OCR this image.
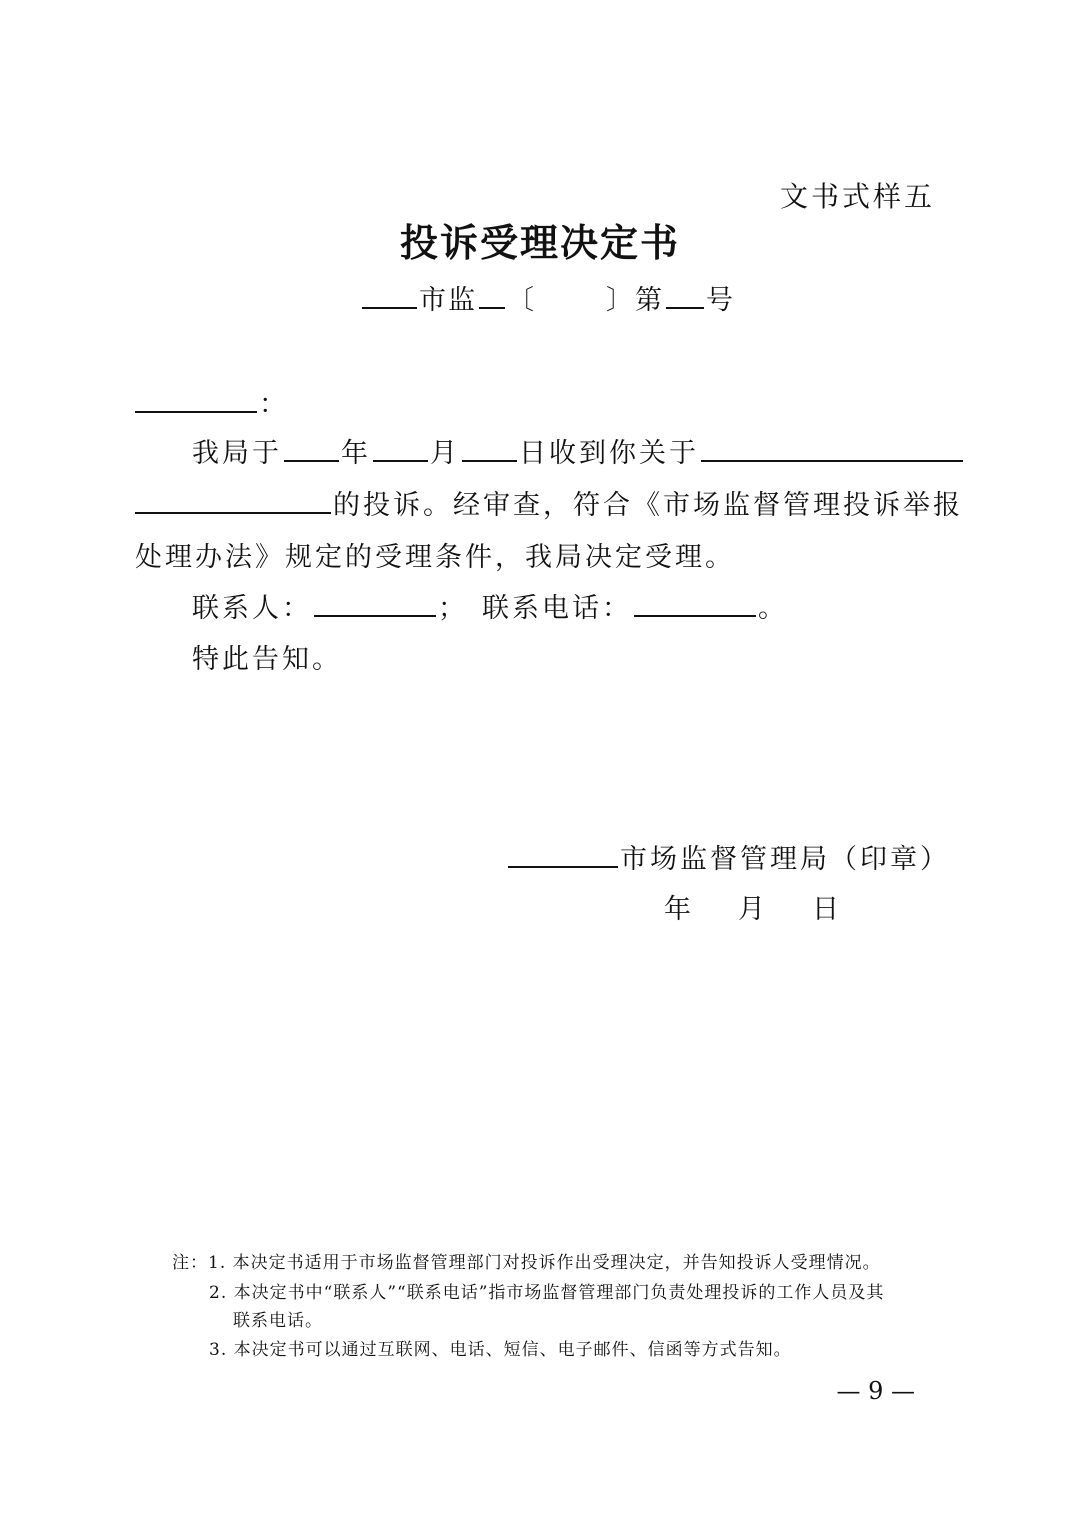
文书式样五
投诉受理决定书
市监 〔	〕第 号
：
我局于 年 月 日收到你关于
的投诉。经审查，符合《市场监督管理投诉举报
处理办法》规定的受理条件，我局决定受理。
联系人：	； 联系电话：	。
特此告知。
市场监督管理局（印章）
年 月 日
注：1. 本决定书适用于市场监督管理部门对投诉作出受理决定，并告知投诉人受理情况。
2. 本决定书中“联系人”“联系电话”指市场监督管理部门负责处理投诉的工作人员及其
联系电话。
3. 本决定书可以通过互联网、电话、短信、电子邮件、信函等方式告知。
— 9 —
